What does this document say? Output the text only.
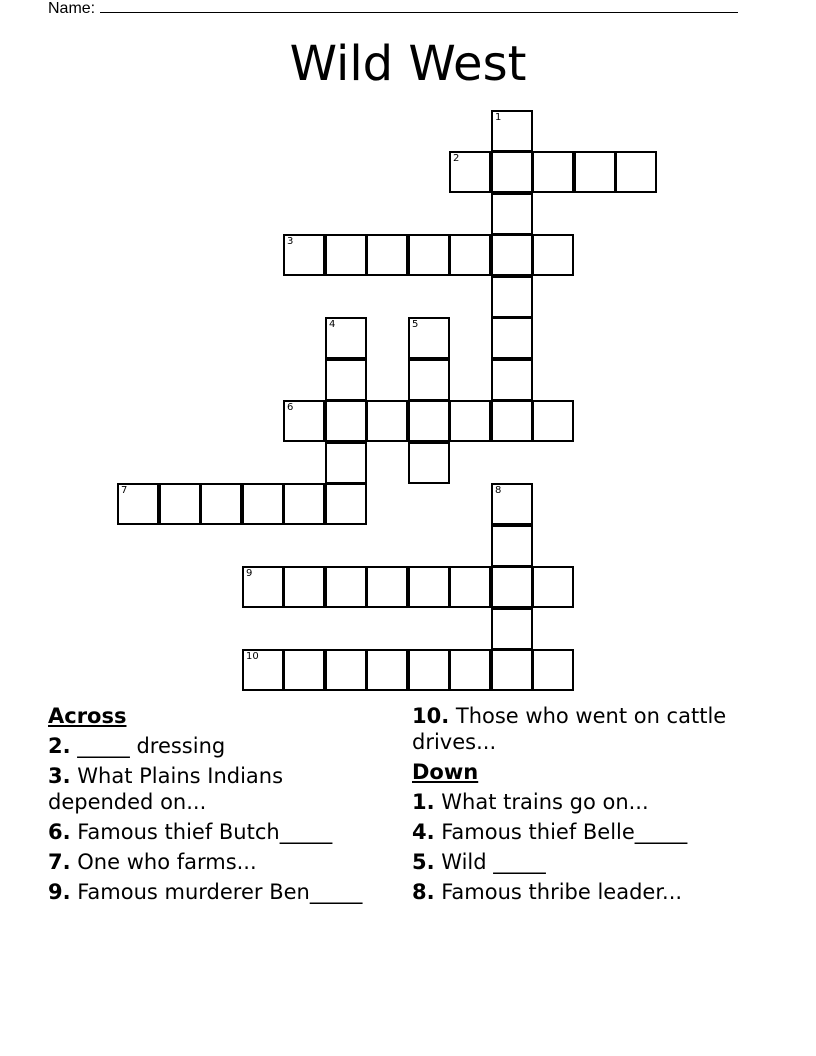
Name:
Wild West
1
2
3
4	5
6
7	8
9
10
Across
2. _____ dressing
3. What Plains Indians depended on...
6. Famous thief Butch_____
7. One who farms...
9. Famous murderer Ben_____
10. Those who went on cattle drives...
Down
1. What trains go on...
4. Famous thief Belle_____
5. Wild _____
8. Famous thribe leader...
